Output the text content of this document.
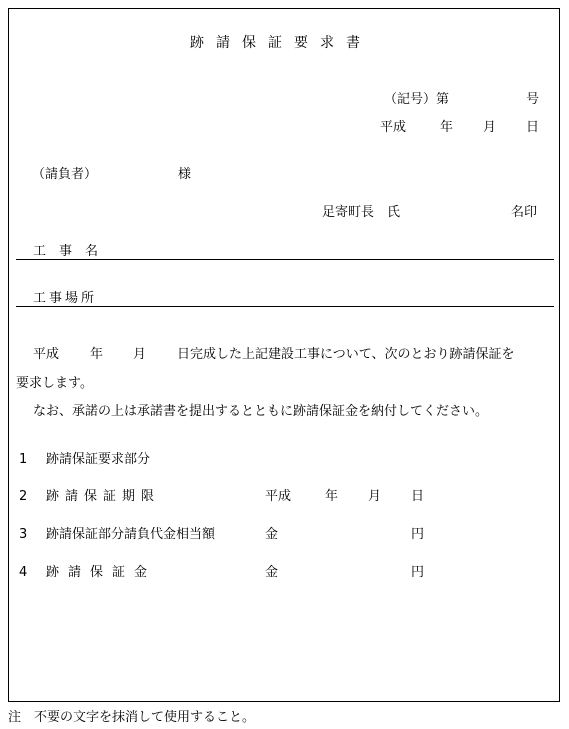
跡請保証要求書
（記号）第	号
平成	年 月 日
（請負者）	様
足寄町長　氏	名印
工　事　名
工事場所
平成 年 月 日完成した上記建設工事について、次のとおり跡請保証を
要求します。
なお、承諾の上は承諾書を提出するとともに跡請保証金を納付してください。
1 跡請保証要求部分
2 跡請保証期限	平成	年 月 日
3 跡請保証部分請負代金相当額	金	円
4 跡請保証金	金	円
注　不要の文字を抹消して使用すること。
